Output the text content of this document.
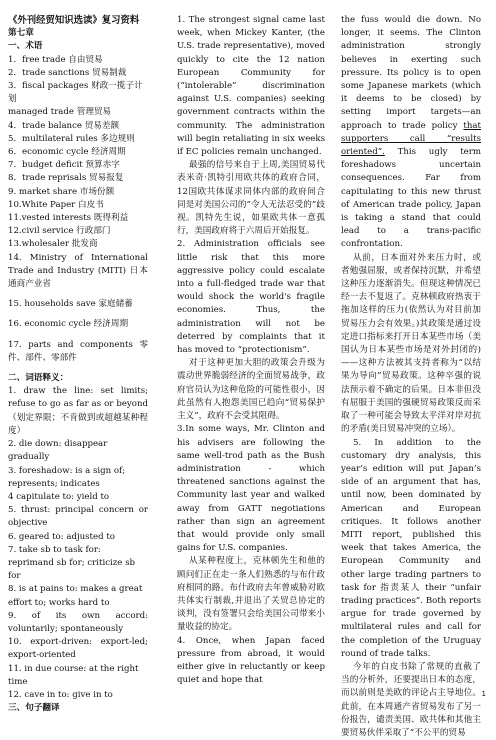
《外刊经贸知识选读》复习资料

第七章

一、术语

1．free trade 自由贸易

2．trade sanctions 贸易制裁

3．fiscal packages 财政一揽子计划

managed trade 管理贸易

4．trade balance 贸易差额

5．multilateral rules 多边规则

6．economic cycle 经济周期

7．budget deficit 预算赤字

8．trade reprisals 贸易报复

9. market share 市场份额

10.White Paper 白皮书

11.vested interests 既得利益

12.civil service 行政部门

13.wholesaler 批发商

14. Ministry of International Trade and Industry (MITI) 日本通商产业省

15. households save 家庭储蓄

16. economic cycle 经济周期

17. parts and components 零件、部件、零部件

二、词语释义：

1. draw the line: set limits; refuse to go as far as or beyond （划定界限；不肯做到或超越某种程度）

2. die down: disappear gradually

3. foreshadow: is a sign of; represents; indicates

4 capitulate to: yield to

5. thrust: principal concern or objective

6. geared to: adjusted to

7. take sb to task for: reprimand sb for; criticize sb for

8. is at pains to: makes a great effort to; works hard to

9. of its own accord: voluntarily; spontaneously

10. export-driven: export-led; export-oriented

11. in due course: at the right time

12. cave in to: give in to

三、句子翻译

1. The strongest signal came last week, when Mickey Kanter, (the U.S. trade representative), moved quickly to cite the 12 nation European Community for (“intolerable” discrimination against U.S. companies) seeking government contracts within the community. The administration will begin retaliating in six weeks if EC policies remain unchanged.

最强的信号来自于上周,美国贸易代表米奇·凯特引用欧共体的政府合同，12国欧共体谋求同体内部的政府间合同是对美国公司的“令人无法忍受的”歧视。凯特先生说，如果欧共体一意孤行，美国政府将于六周后开始报复。

2. Administration officials see little risk that this more aggressive policy could escalate into a full-fledged trade war that would shock the world's fragile economies. Thus, the administration will not be deterred by complaints that it has moved to “protectionism”.

对于这种更加大胆的政策会升级为震动世界脆弱经济的全面贸易战争，政府官员认为这种危险的可能性很小，因此虽然有人抱怨美国已趋向“贸易保护主义”，政府不会受其阻碍。

3.In some ways, Mr. Clinton and his advisers are following the same well-trod path as the Bush administration - which threatened sanctions against the Community last year and walked away from GATT negotiations rather than sign an agreement that would provide only small gains for U.S. companies.

从某种程度上，克林顿先生和他的顾问们正在走一条人们熟悉的与布什政府相同的路。布什政府去年曾威胁对欧共体实行制裁,并退出了关贸总协定的谈判，没有签署只会给美国公司带来小量收益的协定。

4. Once, when Japan faced pressure from abroad, it would either give in reluctantly or keep quiet and hope that

the fuss would die down. No longer, it seems. The Clinton administration strongly believes in exerting such pressure. Its policy is to open some Japanese markets (which it deems to be closed) by setting import targets—an approach to trade policy that supporters call “results oriented”. This ugly term foreshadows uncertain consequences. Far from capitulating to this new thrust of American trade policy, Japan is taking a stand that could lead to a trans-pacific confrontation.

从前，日本面对外来压力时，或者勉强屈服，或者保持沉默，并希望这种压力逐渐消失。但现这种情况已经一去不复返了。克林顿政府热衷于拖加这样的压力(依然认为对目前加贸易压力会有效果。)其政策是通过设定进口指标来打开日本某些市场（美国认为日本某些市场是对外封闭的)——这种方法被其支持者称为“以结果为导向”贸易政策。这种卒强的说法预示着不确定的后果。日本非但没有屈服于美国的强硬贸易政策反而采取了一种可能会导致太平洋对岸对抗的矛盾(美日贸易冲突的立场）。

5. In addition to the customary dry analysis, this year’s edition will put Japan’s side of an argument that has, until now, been dominated by American and European critiques. It follows another MITI report, published this week that takes America, the European Community and other large trading partners to task for 指责某人 their “unfair trading practices”. Both reports argue for trade governed by multilateral rules and call for the completion of the Uruguay round of trade talks.

今年的白皮书除了常规的直截了当的分析外，还要提出日本的态度，而以前则是美欧的评论占主导地位。此前，在本周通产省贸易发布了另一份报告，谴责美国、欧共体和其他主要贸易伙伴采取了“不公平的贸易

1
